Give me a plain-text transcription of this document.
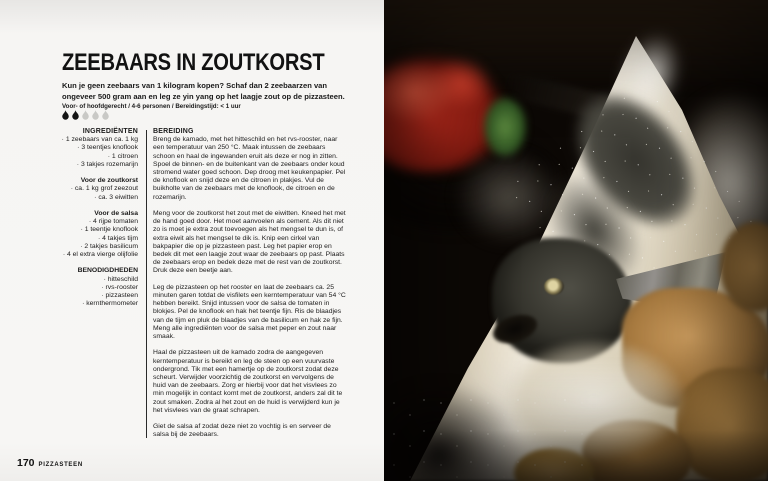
ZEEBAARS IN ZOUTKORST
Kun je geen zeebaars van 1 kilogram kopen? Schaf dan 2 zeebaarzen van ongeveer 500 gram aan en leg ze yin yang op het laagje zout op de pizzasteen.
Voor- of hoofdgerecht / 4-6 personen / Bereidingstijd: < 1 uur
INGREDIËNTEN
· 1 zeebaars van ca. 1 kg
· 3 teentjes knoflook
· 1 citroen
· 3 takjes rozemarijn
Voor de zoutkorst
· ca. 1 kg grof zeezout
· ca. 3 eiwitten
Voor de salsa
· 4 rijpe tomaten
· 1 teentje knoflook
· 4 takjes tijm
· 2 takjes basilicum
· 4 el extra vierge olijfolie
BENODIGDHEDEN
· hitteschild
· rvs-rooster
· pizzasteen
· kernthermometer
BEREIDING

Breng de kamado, met het hitteschild en het rvs-rooster, naar een temperatuur van 250 °C. Maak intussen de zeebaars schoon en haal de ingewanden eruit als deze er nog in zitten. Spoel de binnen- en de buitenkant van de zeebaars onder koud stromend water goed schoon. Dep droog met keukenpapier. Pel de knoflook en snijd deze en de citroen in plakjes. Vul de buikholte van de zeebaars met de knoflook, de citroen en de rozemarijn.

Meng voor de zoutkorst het zout met de eiwitten. Kneed het met de hand goed door. Het moet aanvoelen als cement. Als dit niet zo is moet je extra zout toevoegen als het mengsel te dun is, of extra eiwit als het mengsel te dik is. Knip een cirkel van bakpapier die op je pizzasteen past. Leg het papier erop en bedek dit met een laagje zout waar de zeebaars op past. Plaats de zeebaars erop en bedek deze met de rest van de zoutkorst. Druk deze een beetje aan.

Leg de pizzasteen op het rooster en laat de zeebaars ca. 25 minuten garen totdat de visfilets een kerntemperatuur van 54 °C hebben bereikt. Snijd intussen voor de salsa de tomaten in blokjes. Pel de knoflook en hak het teentje fijn. Ris de blaadjes van de tijm en pluk de blaadjes van de basilicum en hak ze fijn. Meng alle ingrediënten voor de salsa met peper en zout naar smaak.

Haal de pizzasteen uit de kamado zodra de aangegeven kerntemperatuur is bereikt en leg de steen op een vuurvaste ondergrond. Tik met een hamertje op de zoutkorst zodat deze scheurt. Verwijder voorzichtig de zoutkorst en vervolgens de huid van de zeebaars. Zorg er hierbij voor dat het visvlees zo min mogelijk in contact komt met de zoutkorst, anders zal dit te zout smaken. Zodra al het zout en de huid is verwijderd kun je het visvlees van de graat schrapen.

Giet de salsa af zodat deze niet zo vochtig is en serveer de salsa bij de zeebaars.

170 PIZZASTEEN
